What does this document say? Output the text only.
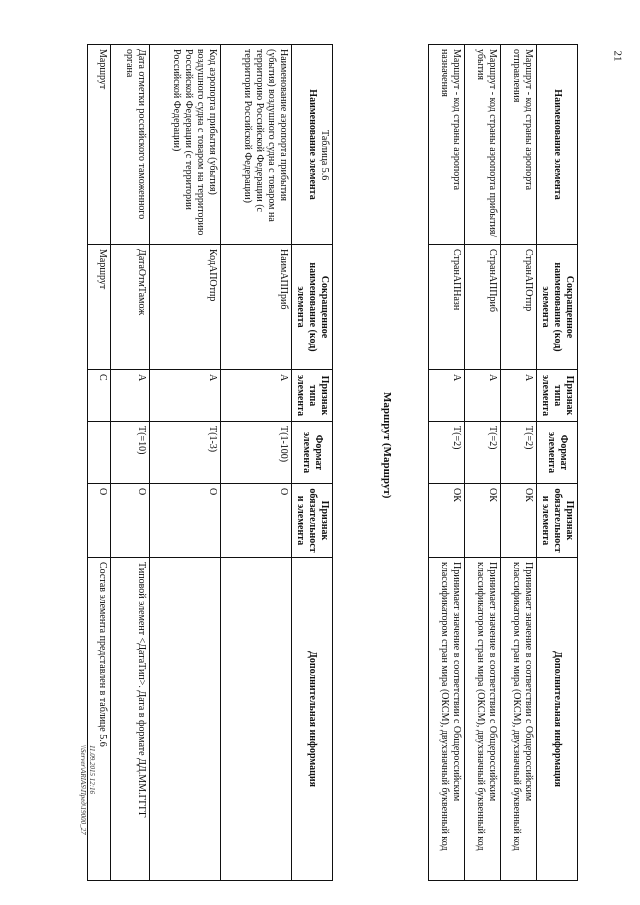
21
Таблица 5.6
Наименование элемента	Сокращенное наименование (код) элемента	Признак типа элемента	Формат элемента	Признак обязательности элемента	Дополнительная информация
Наименование аэропорта прибытия (убытия) воздушного судна с товаром на территорию Российской Федерации (с территории Российской Федерации)	НаимАППриб	А	Т(1-100)	О	
Код аэропорта прибытия (убытия) воздушного судна с товаром на территорию Российской Федерации (с территории Российской Федерации)	КодАПОтпр	А	Т(1-3)	О	
Дата отметки российского таможенного органа	ДатаОтмТамож	А	Т(=10)	О	Типовой элемент <ДатаТип>. Дата в формате ДД.ММ.ГГГГ
Маршрут	Маршрут	С		О	Состав элемента представлен в таблице 5.6
Маршрут (Маршрут)
Наименование элемента	Сокращенное наименование (код) элемента	Признак типа элемента	Формат элемента	Признак обязательности элемента	Дополнительная информация
Маршрут - код страны аэропорта отправления	СтранАПОтпр	А	Т(=2)	ОК	Принимает значение в соответствии с Общероссийским классификатором стран мира (ОКСМ), двухзначный буквенный код
Маршрут - код страны аэропорта прибытия/убытия	СтранАППриб	А	Т(=2)	ОК	Принимает значение в соответствии с Общероссийским классификатором стран мира (ОКСМ), двухзначный буквенный код
Маршрут - код страны аэропорта назначения	СтранАПНазн	А	Т(=2)	ОК	Принимает значение в соответствии с Общероссийским классификатором стран мира (ОКСМ), двухзначный буквенный код
11.09.2015 12:16
\\Server\ARIAS\Пред\19000_27
